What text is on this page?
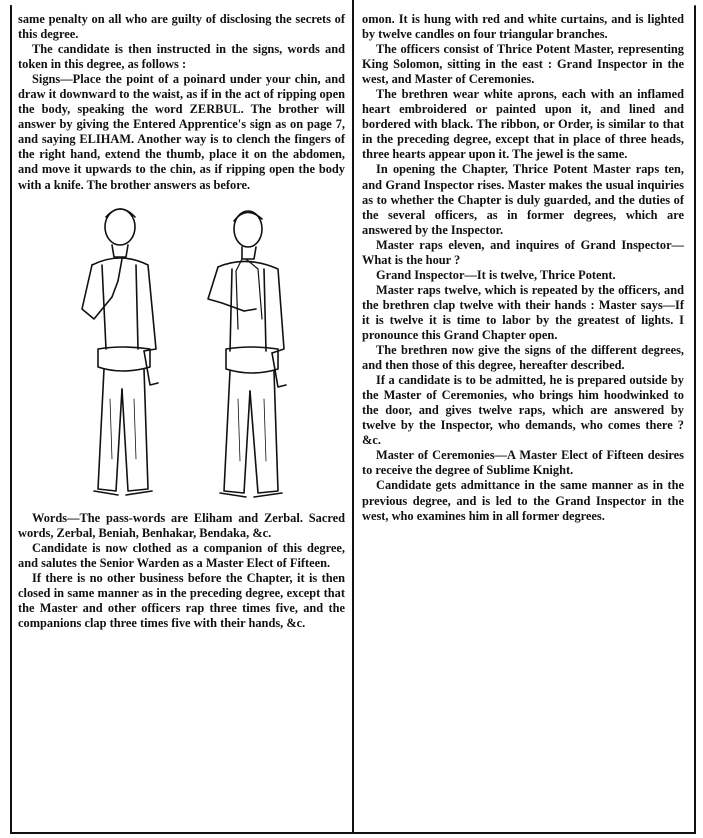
same penalty on all who are guilty of disclosing the secrets of this degree.

The candidate is then instructed in the signs, words and token in this degree, as follows :

Signs—Place the point of a poinard under your chin, and draw it downward to the waist, as if in the act of ripping open the body, speaking the word ZERBUL. The brother will answer by giving the Entered Apprentice's sign as on page 7, and saying ELIHAM. Another way is to clench the fingers of the right hand, extend the thumb, place it on the abdomen, and move it upwards to the chin, as if ripping open the body with a knife. The brother answers as before.

Words—The pass-words are Eliham and Zerbal. Sacred words, Zerbal, Beniah, Benhakar, Bendaka, &c.

Candidate is now clothed as a companion of this degree, and salutes the Senior Warden as a Master Elect of Fifteen.

If there is no other business before the Chapter, it is then closed in same manner as in the preceding degree, except that the Master and other officers rap three times five, and the companions clap three times five with their hands, &c.

omon. It is hung with red and white curtains, and is lighted by twelve candles on four triangular branches.

The officers consist of Thrice Potent Master, representing King Solomon, sitting in the east : Grand Inspector in the west, and Master of Ceremonies.

The brethren wear white aprons, each with an inflamed heart embroidered or painted upon it, and lined and bordered with black. The ribbon, or Order, is similar to that in the preceding degree, except that in place of three heads, three hearts appear upon it. The jewel is the same.

In opening the Chapter, Thrice Potent Master raps ten, and Grand Inspector rises. Master makes the usual inquiries as to whether the Chapter is duly guarded, and the duties of the several officers, as in former degrees, which are answered by the Inspector.

Master raps eleven, and inquires of Grand Inspector—What is the hour ?

Grand Inspector—It is twelve, Thrice Potent.

Master raps twelve, which is repeated by the officers, and the brethren clap twelve with their hands : Master says—If it is twelve it is time to labor by the greatest of lights. I pronounce this Grand Chapter open.

The brethren now give the signs of the different degrees, and then those of this degree, hereafter described.

If a candidate is to be admitted, he is prepared outside by the Master of Ceremonies, who brings him hoodwinked to the door, and gives twelve raps, which are answered by twelve by the Inspector, who demands, who comes there ? &c.

Master of Ceremonies—A Master Elect of Fifteen desires to receive the degree of Sublime Knight.

Candidate gets admittance in the same manner as in the previous degree, and is led to the Grand Inspector in the west, who examines him in all former degrees.
